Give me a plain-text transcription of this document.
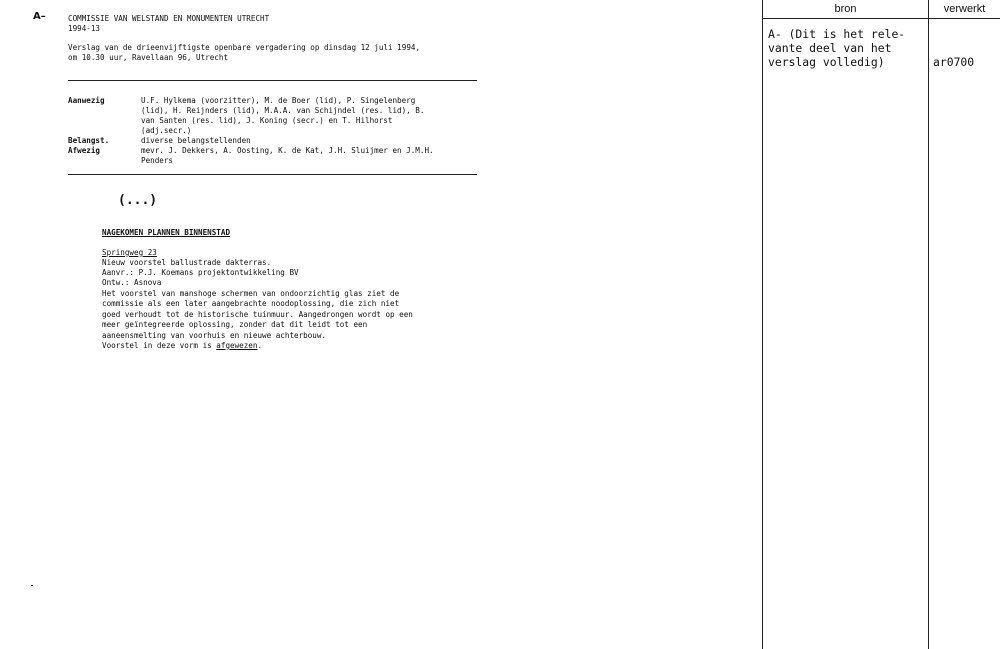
A–	COMMISSIE VAN WELSTAND EN MONUMENTEN UTRECHT
1994-13
Verslag van de drieenvijftigste openbare vergadering op dinsdag 12 juli 1994,
om 10.30 uur, Ravellaan 96, Utrecht
Aanwezig	U.F. Hylkema (voorzitter), M. de Boer (lid), P. Singelenberg
(lid), H. Reijnders (lid), M.A.A. van Schijndel (res. lid), B.
van Santen (res. lid), J. Koning (secr.) en T. Hilhorst
(adj.secr.)
Belangst.	diverse belangstellenden
Afwezig	mevr. J. Dekkers, A. Oosting, K. de Kat, J.H. Sluijmer en J.M.H.
Penders
(...)
NAGEKOMEN PLANNEN BINNENSTAD
Springweg 23
Nieuw voorstel ballustrade dakterras.
Aanvr.: P.J. Koemans projektontwikkeling BV
Ontw.: Asnova
Het voorstel van manshoge schermen van ondoorzichtig glas ziet de
commissie als een later aangebrachte noodoplossing, die zich niet
goed verhoudt tot de historische tuinmuur. Aangedrongen wordt op een
meer geïntegreerde oplossing, zonder dat dit leidt tot een
aaneensmelting van voorhuis en nieuwe achterbouw.
Voorstel in deze vorm is afgewezen.
bron	verwerkt
A- (Dit is het rele-
vante deel van het
verslag volledig)	ar0700
